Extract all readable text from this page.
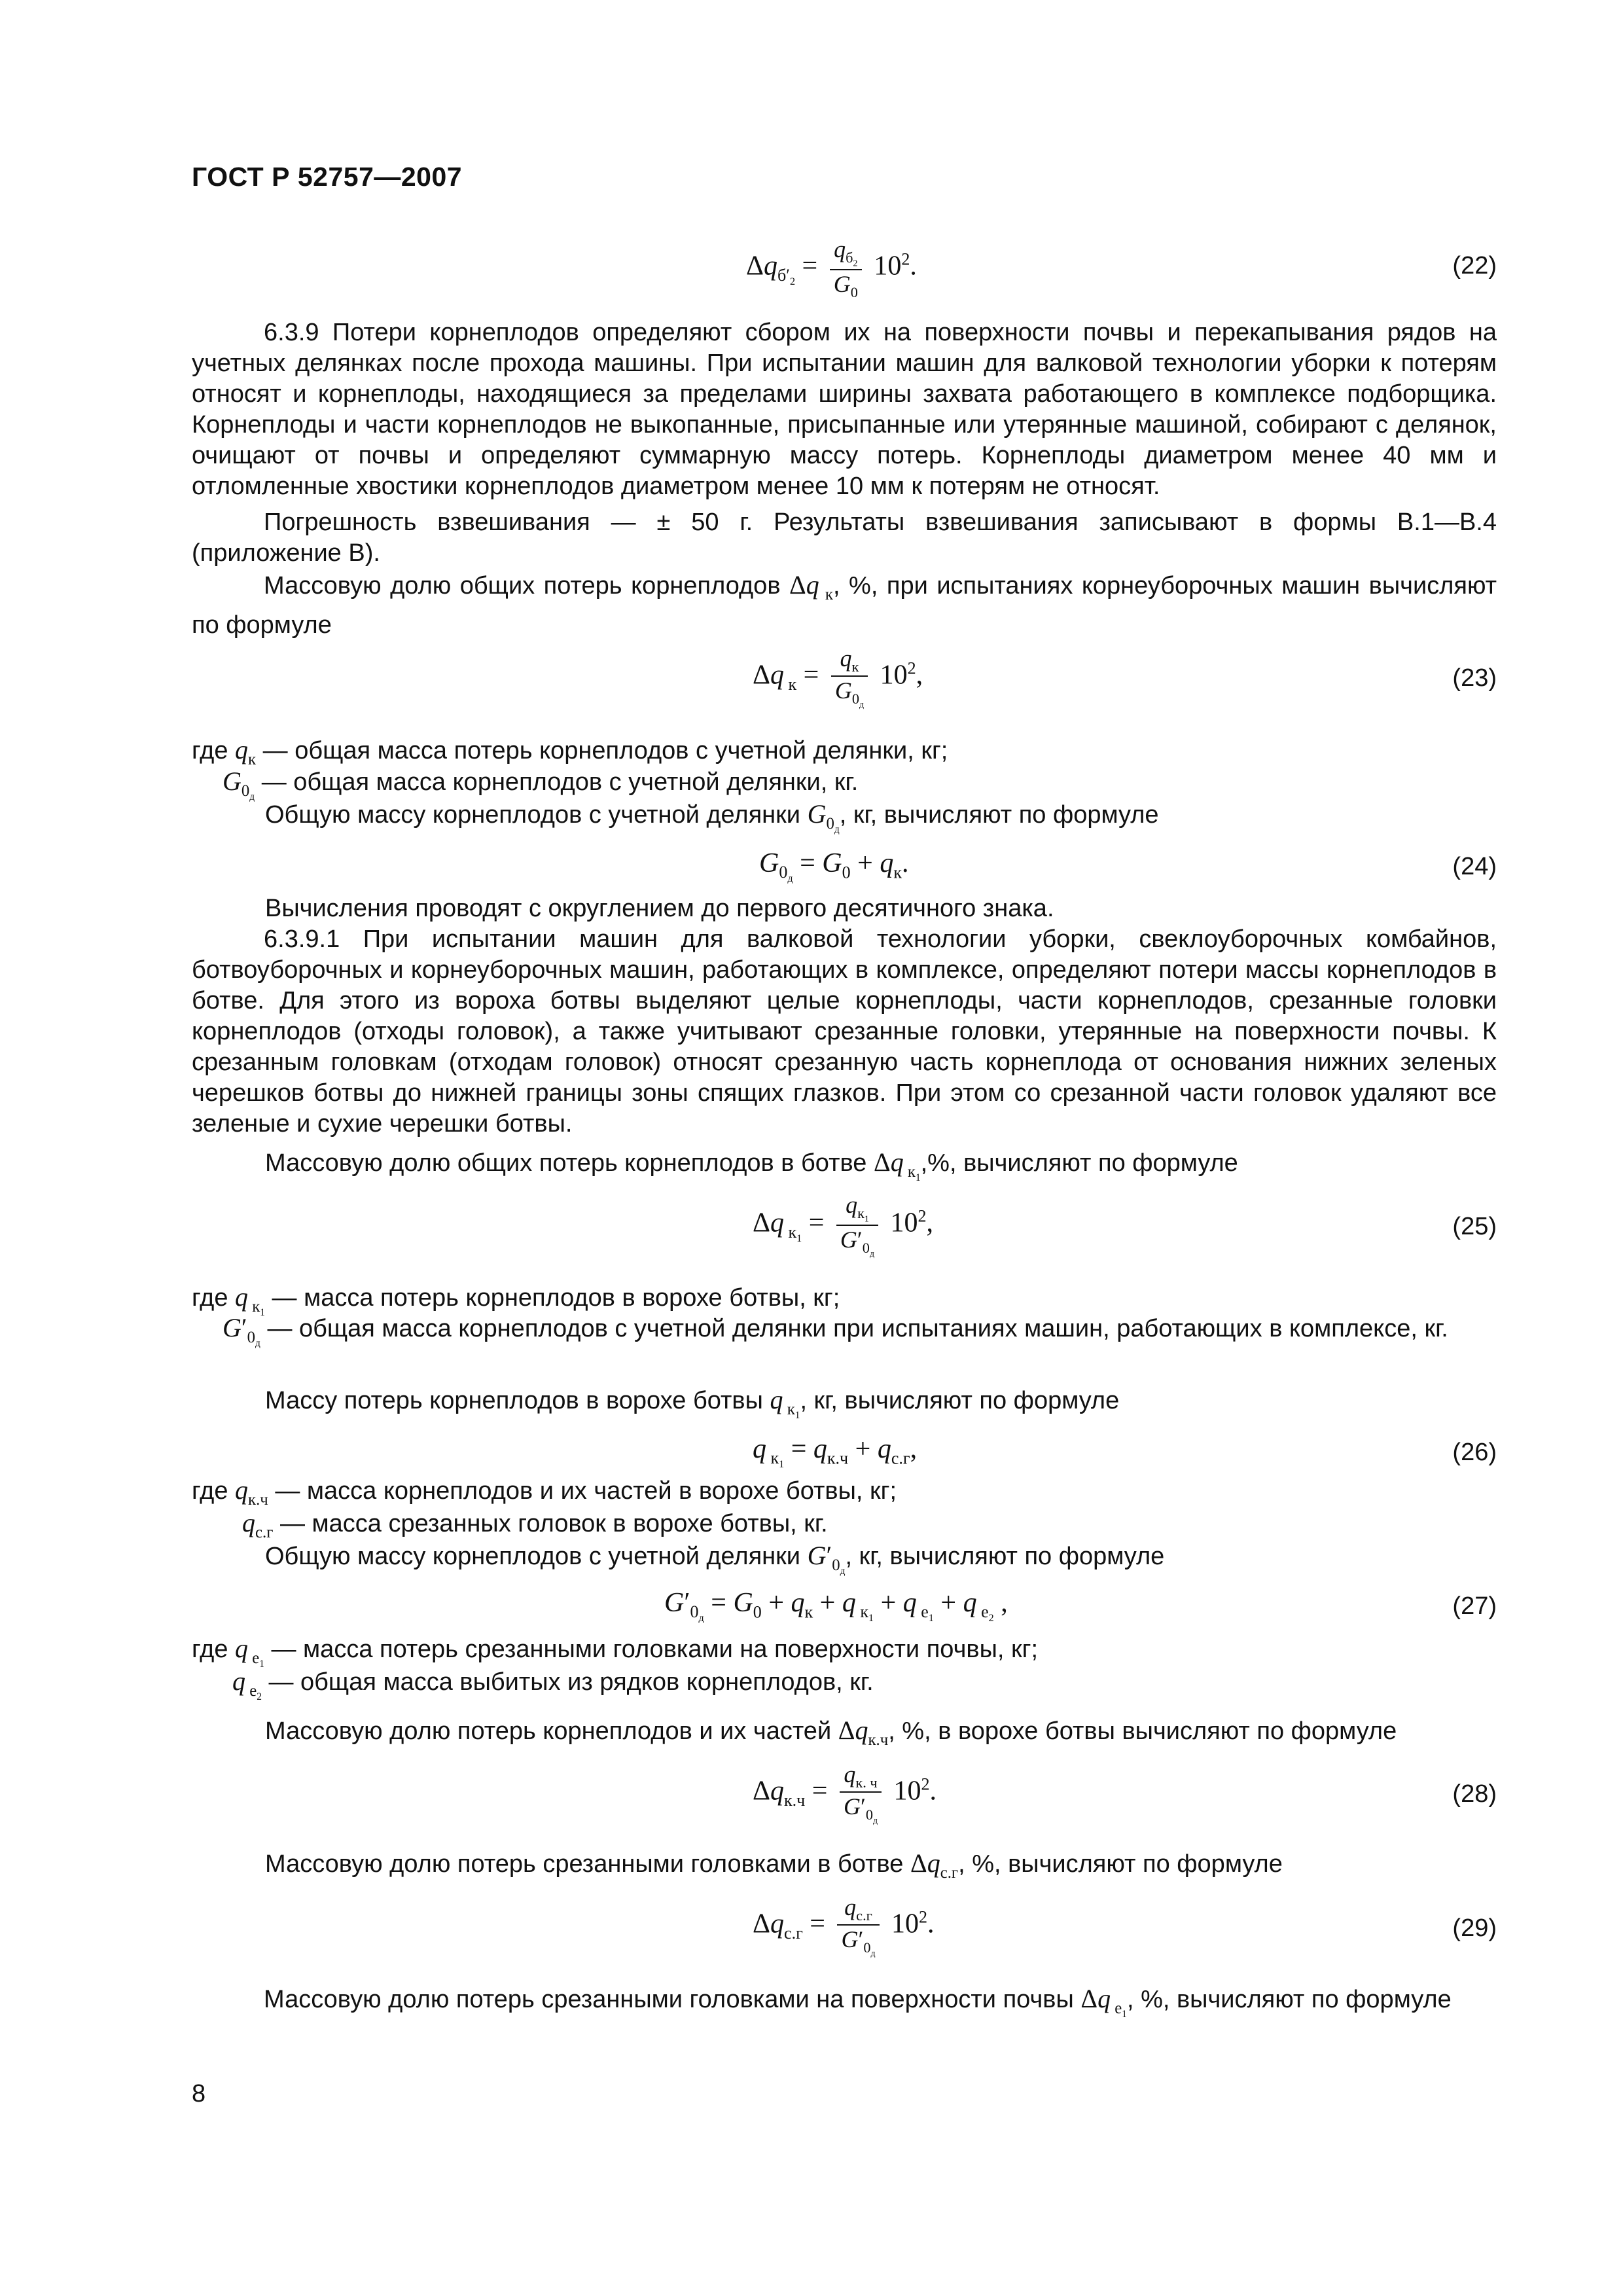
ГОСТ Р 52757—2007
$\Delta q_{б'_2} = \frac{q_{б_2}}{G_0} 10^2$.	(22)
6.3.9 Потери корнеплодов определяют сбором их на поверхности почвы и перекапывания рядов на учетных делянках после прохода машины. При испытании машин для валковой технологии уборки к потерям относят и корнеплоды, находящиеся за пределами ширины захвата работающего в комплексе подборщика. Корнеплоды и части корнеплодов не выкопанные, присыпанные или утерянные машиной, собирают с делянок, очищают от почвы и определяют суммарную массу потерь. Корнеплоды диаметром менее 40 мм и отломленные хвостики корнеплодов диаметром менее 10 мм к потерям не относят.
Погрешность взвешивания — ± 50 г. Результаты взвешивания записывают в формы В.1—В.4 (приложение В).
Массовую долю общих потерь корнеплодов Δq $_к$, %, при испытаниях корнеуборочных машин вычисляют по формуле
Δq $_к = \frac{q_к}{G_{0_д}} 10^2$,	(23)
где $q_к$ — общая масса потерь корнеплодов с учетной делянки, кг;
$G_{0_д}$ — общая масса корнеплодов с учетной делянки, кг.
Общую массу корнеплодов с учетной делянки $G_{0_д}$, кг, вычисляют по формуле
$G_{0_д} = G_0 + q_к$.	(24)
Вычисления проводят с округлением до первого десятичного знака.
6.3.9.1 При испытании машин для валковой технологии уборки, свеклоуборочных комбайнов, ботвоуборочных и корнеуборочных машин, работающих в комплексе, определяют потери массы корнеплодов в ботве. Для этого из вороха ботвы выделяют целые корнеплоды, части корнеплодов, срезанные головки корнеплодов (отходы головок), а также учитывают срезанные головки, утерянные на поверхности почвы. К срезанным головкам (отходам головок) относят срезанную часть корнеплода от основания нижних зеленых черешков ботвы до нижней границы зоны спящих глазков. При этом со срезанной части головок удаляют все зеленые и сухие черешки ботвы.
Массовую долю общих потерь корнеплодов в ботве Δq $_{к_1}$,%, вычисляют по формуле
Δq $_{к_1} = \frac{q_{к_1}}{G'_{0_д}} 10^2$,	(25)
где q $_{к_1}$ — масса потерь корнеплодов в ворохе ботвы, кг;
$G'_{0_д}$ — общая масса корнеплодов с учетной делянки при испытаниях машин, работающих в комплексе, кг.
Массу потерь корнеплодов в ворохе ботвы q $_{к_1}$, кг, вычисляют по формуле
q $_{к_1} = q_{к.ч} + q_{с.г}$,	(26)
где $q_{к.ч}$ — масса корнеплодов и их частей в ворохе ботвы, кг;
$q_{с.г}$ — масса срезанных головок в ворохе ботвы, кг.
Общую массу корнеплодов с учетной делянки $G'_{0_д}$, кг, вычисляют по формуле
$G'_{0_д} = G_0 + q_к + q$ $_{к_1}$ + q $_{е_1}$ + q $_{е_2}$ ,	(27)
где q $_{е_1}$ — масса потерь срезанными головками на поверхности почвы, кг;
q $_{е_2}$ — общая масса выбитых из рядков корнеплодов, кг.
Массовую долю потерь корнеплодов и их частей $\Delta q_{к.ч}$, %, в ворохе ботвы вычисляют по формуле
$\Delta q_{к.ч} = \frac{q_{к. ч}}{G'_{0_д}} 10^2$.	(28)
Массовую долю потерь срезанными головками в ботве $\Delta q_{с.г}$, %, вычисляют по формуле
$\Delta q_{с.г} = \frac{q_{с.г}}{G'_{0_д}} 10^2$.	(29)
Массовую долю потерь срезанными головками на поверхности почвы Δq $_{е_1}$, %, вычисляют по формуле
8
